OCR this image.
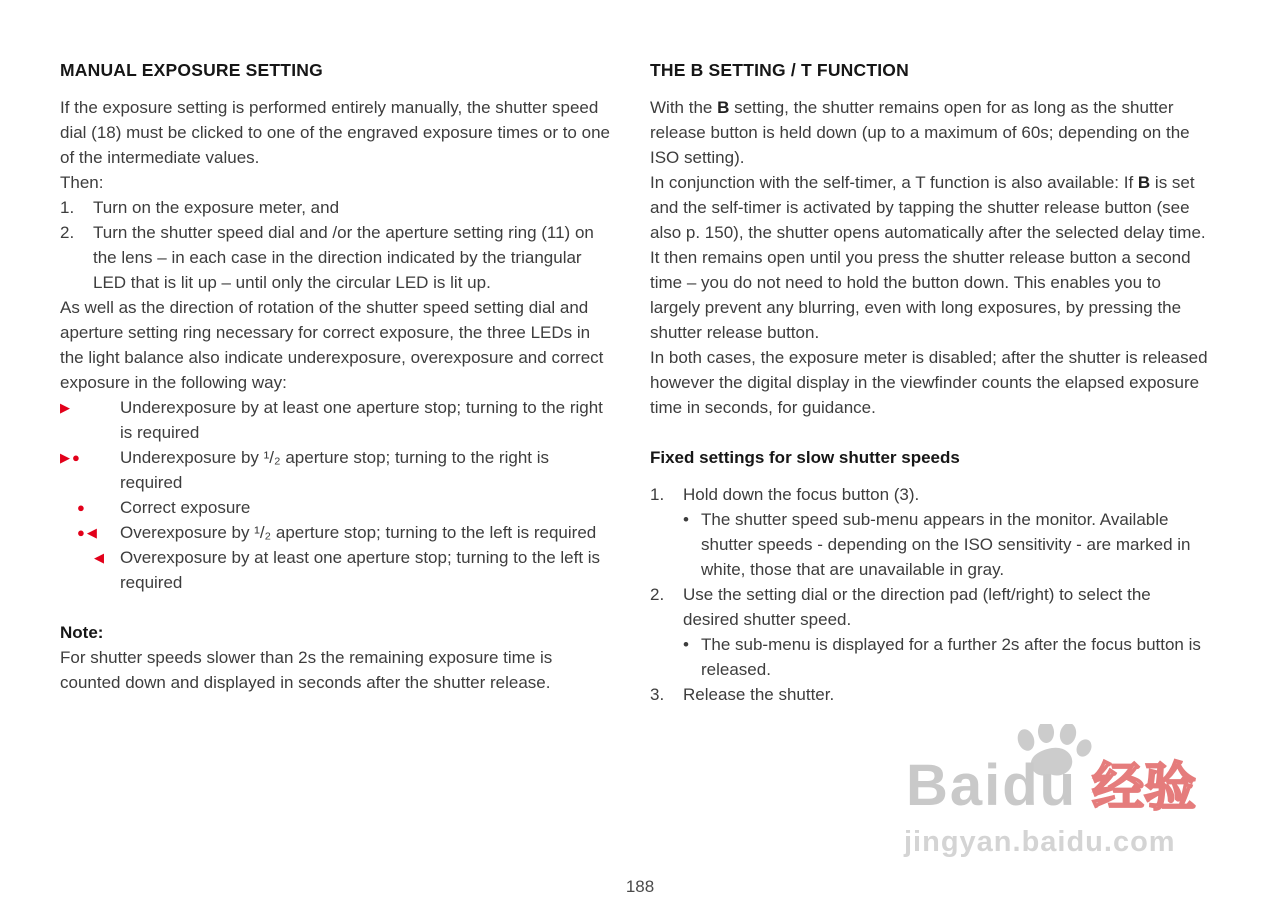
MANUAL EXPOSURE SETTING

If the exposure setting is performed entirely manually, the shutter speed dial (18) must be clicked to one of the engraved exposure times or to one of the intermediate values.

Then:

1.	Turn on the exposure meter, and
2.	Turn the shutter speed dial and /or the aperture setting ring (11) on the lens – in each case in the direction indicated by the triangular LED that is lit up – until only the circular LED is lit up.

As well as the direction of rotation of the shutter speed setting dial and aperture setting ring necessary for correct exposure, the three LEDs in the light balance also indicate underexposure, overexposure and correct exposure in the following way:

▶	Underexposure by at least one aperture stop; turning to the right is required
▶●	Underexposure by ¹/₂ aperture stop; turning to the right is required
●	Correct exposure
●◀	Overexposure by ¹/₂ aperture stop; turning to the left is required
◀ Overexposure by at least one aperture stop; turning to the left is required

Note:

For shutter speeds slower than 2s the remaining exposure time is counted down and displayed in seconds after the shutter release.

THE B SETTING / T FUNCTION

With the B setting, the shutter remains open for as long as the shutter release button is held down (up to a maximum of 60s; depending on the ISO setting).

In conjunction with the self-timer, a T function is also available: If B is set and the self-timer is activated by tapping the shutter release button (see also p. 150), the shutter opens automatically after the selected delay time. It then remains open until you press the shutter release button a second time – you do not need to hold the button down. This enables you to largely prevent any blurring, even with long exposures, by pressing the shutter release button.

In both cases, the exposure meter is disabled; after the shutter is released however the digital display in the viewfinder counts the elapsed exposure time in seconds, for guidance.

Fixed settings for slow shutter speeds

1.	Hold down the focus button (3).
• The shutter speed sub-menu appears in the monitor. Available shutter speeds - depending on the ISO sensitivity - are marked in white, those that are unavailable in gray.
2.	Use the setting dial or the direction pad (left/right) to select the desired shutter speed.
• The sub-menu is displayed for a further 2s after the focus button is released.
3.	Release the shutter.
Baidu 经验
jingyan.baidu.com
188
